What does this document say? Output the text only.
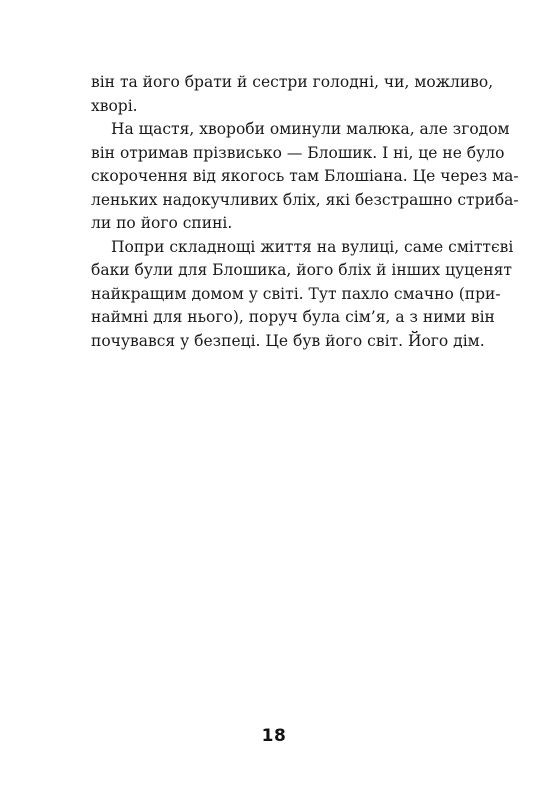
він та його брати й сестри голодні, чи, можливо,
хворі.
На щастя, хвороби оминули малюка, але згодом
він отримав прізвисько — Блошик. І ні, це не було
скорочення від якогось там Блошіана. Це через ма-
леньких надокучливих бліх, які безстрашно стриба-
ли по його спині.
Попри складнощі життя на вулиці, саме сміттєві
баки були для Блошика, його бліх й інших цуценят
найкращим домом у світі. Тут пахло смачно (при-
наймні для нього), поруч була сім’я, а з ними він
почувався у безпеці. Це був його світ. Його дім.
18
